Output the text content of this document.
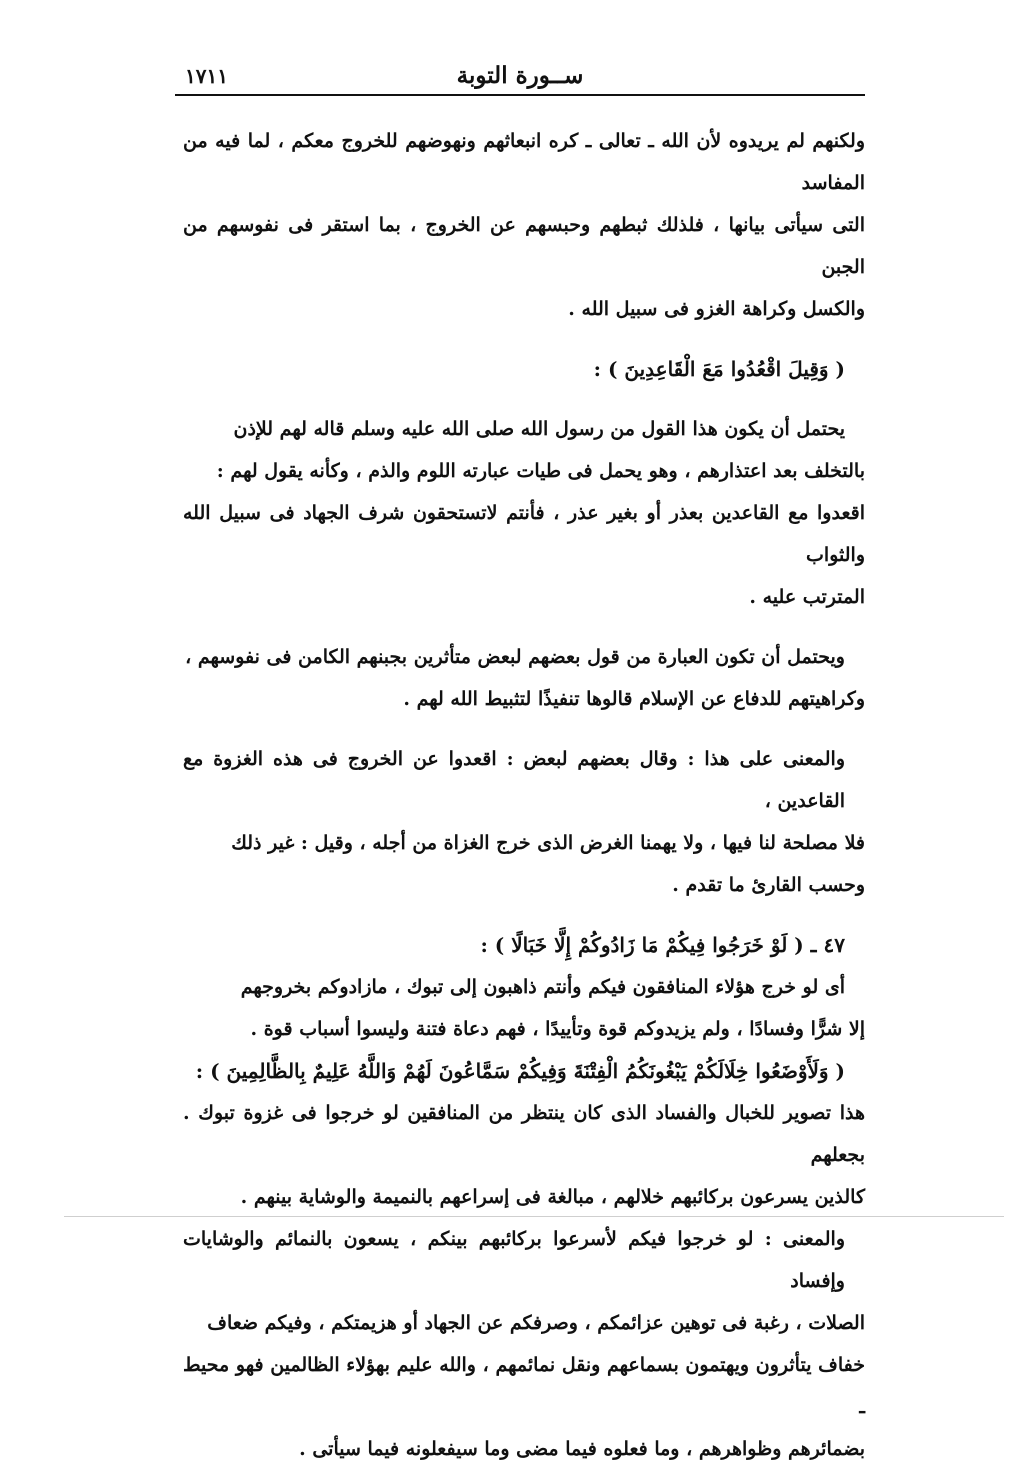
ســورة التوبة
١٧١١
ولكنهم لم يريدوه لأن الله ـ تعالى ـ كره انبعاثهم ونهوضهم للخروج معكم ، لما فيه من المفاسد
التى سيأتى بيانها ، فلذلك ثبطهم وحبسهم عن الخروج ، بما استقر فى نفوسهم من الجبن
والكسل وكراهة الغزو فى سبيل الله .
( وَقِيلَ اقْعُدُوا مَعَ الْقَاعِدِينَ ) :
يحتمل أن يكون هذا القول من رسول الله صلى الله عليه وسلم قاله لهم للإذن
بالتخلف بعد اعتذارهم ، وهو يحمل فى طيات عبارته اللوم والذم ، وكأنه يقول لهم :
اقعدوا مع القاعدين بعذر أو بغير عذر ، فأنتم لاتستحقون شرف الجهاد فى سبيل الله والثواب
المترتب عليه .
ويحتمل أن تكون العبارة من قول بعضهم لبعض متأثرين بجبنهم الكامن فى نفوسهم ،
وكراهيتهم للدفاع عن الإسلام قالوها تنفيذًا لتثبيط الله لهم .
والمعنى على هذا : وقال بعضهم لبعض : اقعدوا عن الخروج فى هذه الغزوة مع القاعدين ،
فلا مصلحة لنا فيها ، ولا يهمنا الغرض الذى خرج الغزاة من أجله ، وقيل : غير ذلك
وحسب القارئ ما تقدم .
٤٧ ـ ( لَوْ خَرَجُوا فِيكُمْ مَا زَادُوكُمْ إِلَّا خَبَالًا ) :
أى لو خرج هؤلاء المنافقون فيكم وأنتم ذاهبون إلى تبوك ، مازادوكم بخروجهم
إلا شرًّا وفسادًا ، ولم يزيدوكم قوة وتأييدًا ، فهم دعاة فتنة وليسوا أسباب قوة .
( وَلَأَوْضَعُوا خِلَالَكُمْ يَبْغُونَكُمُ الْفِتْنَةَ وَفِيكُمْ سَمَّاعُونَ لَهُمْ وَاللَّهُ عَلِيمٌ بِالظَّالِمِينَ ) :
هذا تصوير للخبال والفساد الذى كان ينتظر من المنافقين لو خرجوا فى غزوة تبوك . بجعلهم
كالذين يسرعون بركائبهم خلالهم ، مبالغة فى إسراعهم بالنميمة والوشاية بينهم .
والمعنى : لو خرجوا فيكم لأسرعوا بركائبهم بينكم ، يسعون بالنمائم والوشايات وإفساد
الصلات ، رغبة فى توهين عزائمكم ، وصرفكم عن الجهاد أو هزيمتكم ، وفيكم ضعاف
خفاف يتأثرون ويهتمون بسماعهم ونقل نمائمهم ، والله عليم بهؤلاء الظالمين فهو محيط ـ
بضمائرهم وظواهرهم ، وما فعلوه فيما مضى وما سيفعلونه فيما سيأتى .
